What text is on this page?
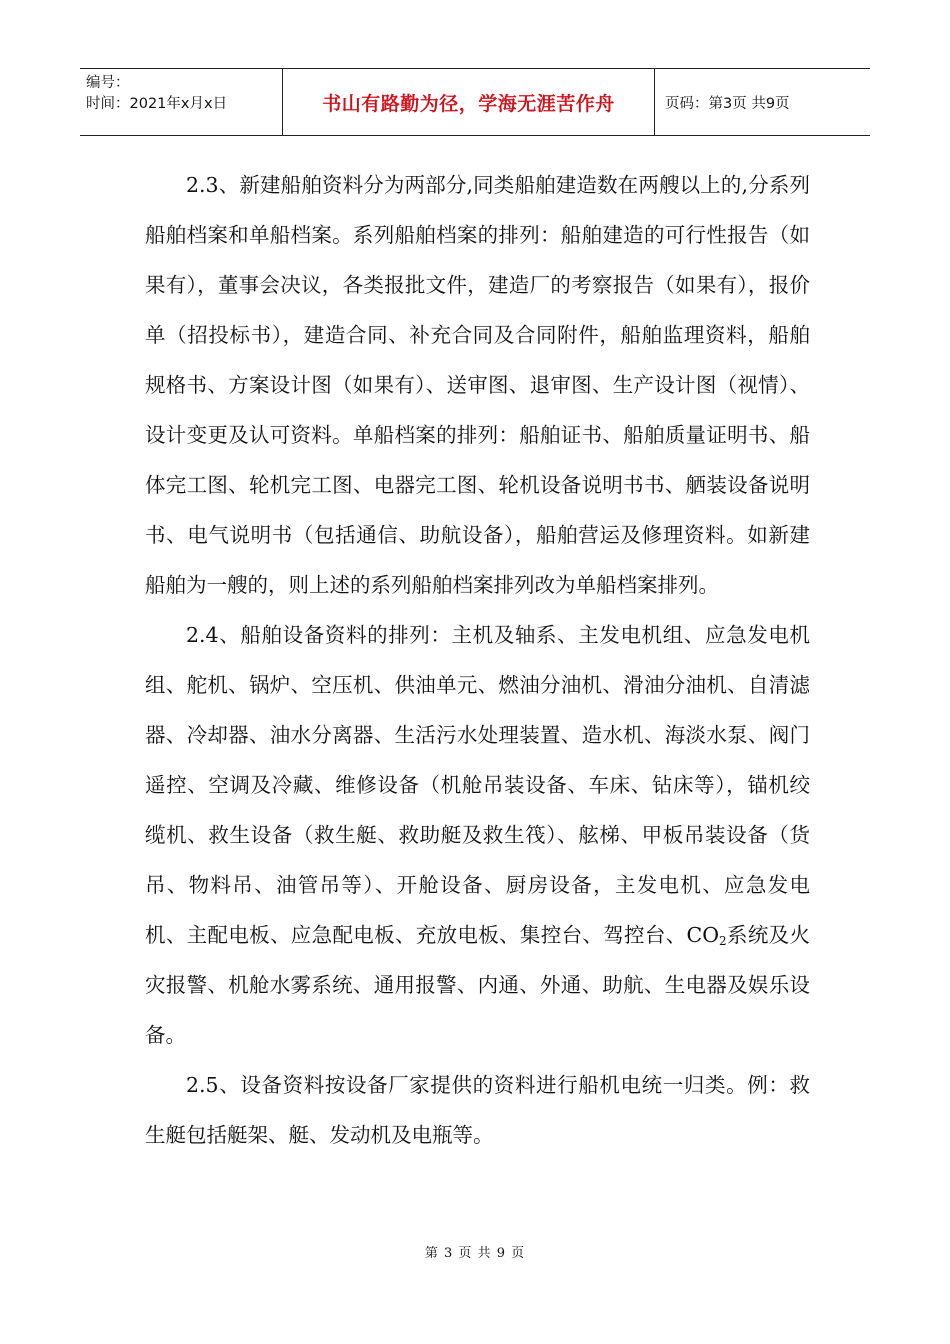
编号：
时间：2021年x月x日	书山有路勤为径，学海无涯苦作舟	页码：第3页 共9页

2.3、新建船舶资料分为两部分,同类船舶建造数在两艘以上的,分系列船舶档案和单船档案。系列船舶档案的排列：船舶建造的可行性报告（如果有），董事会决议，各类报批文件，建造厂的考察报告（如果有），报价单（招投标书），建造合同、补充合同及合同附件，船舶监理资料，船舶规格书、方案设计图（如果有）、送审图、退审图、生产设计图（视情）、设计变更及认可资料。单船档案的排列：船舶证书、船舶质量证明书、船体完工图、轮机完工图、电器完工图、轮机设备说明书书、舾装设备说明书、电气说明书（包括通信、助航设备），船舶营运及修理资料。如新建船舶为一艘的，则上述的系列船舶档案排列改为单船档案排列。

2.4、船舶设备资料的排列：主机及轴系、主发电机组、应急发电机组、舵机、锅炉、空压机、供油单元、燃油分油机、滑油分油机、自清滤器、冷却器、油水分离器、生活污水处理装置、造水机、海淡水泵、阀门遥控、空调及冷藏、维修设备（机舱吊装设备、车床、钻床等），锚机绞缆机、救生设备（救生艇、救助艇及救生筏）、舷梯、甲板吊装设备（货吊、物料吊、油管吊等）、开舱设备、厨房设备，主发电机、应急发电机、主配电板、应急配电板、充放电板、集控台、驾控台、$CO_2$系统及火灾报警、机舱水雾系统、通用报警、内通、外通、助航、生电器及娱乐设备。

2.5、设备资料按设备厂家提供的资料进行船机电统一归类。例：救生艇包括艇架、艇、发动机及电瓶等。

第 3 页 共 9 页
